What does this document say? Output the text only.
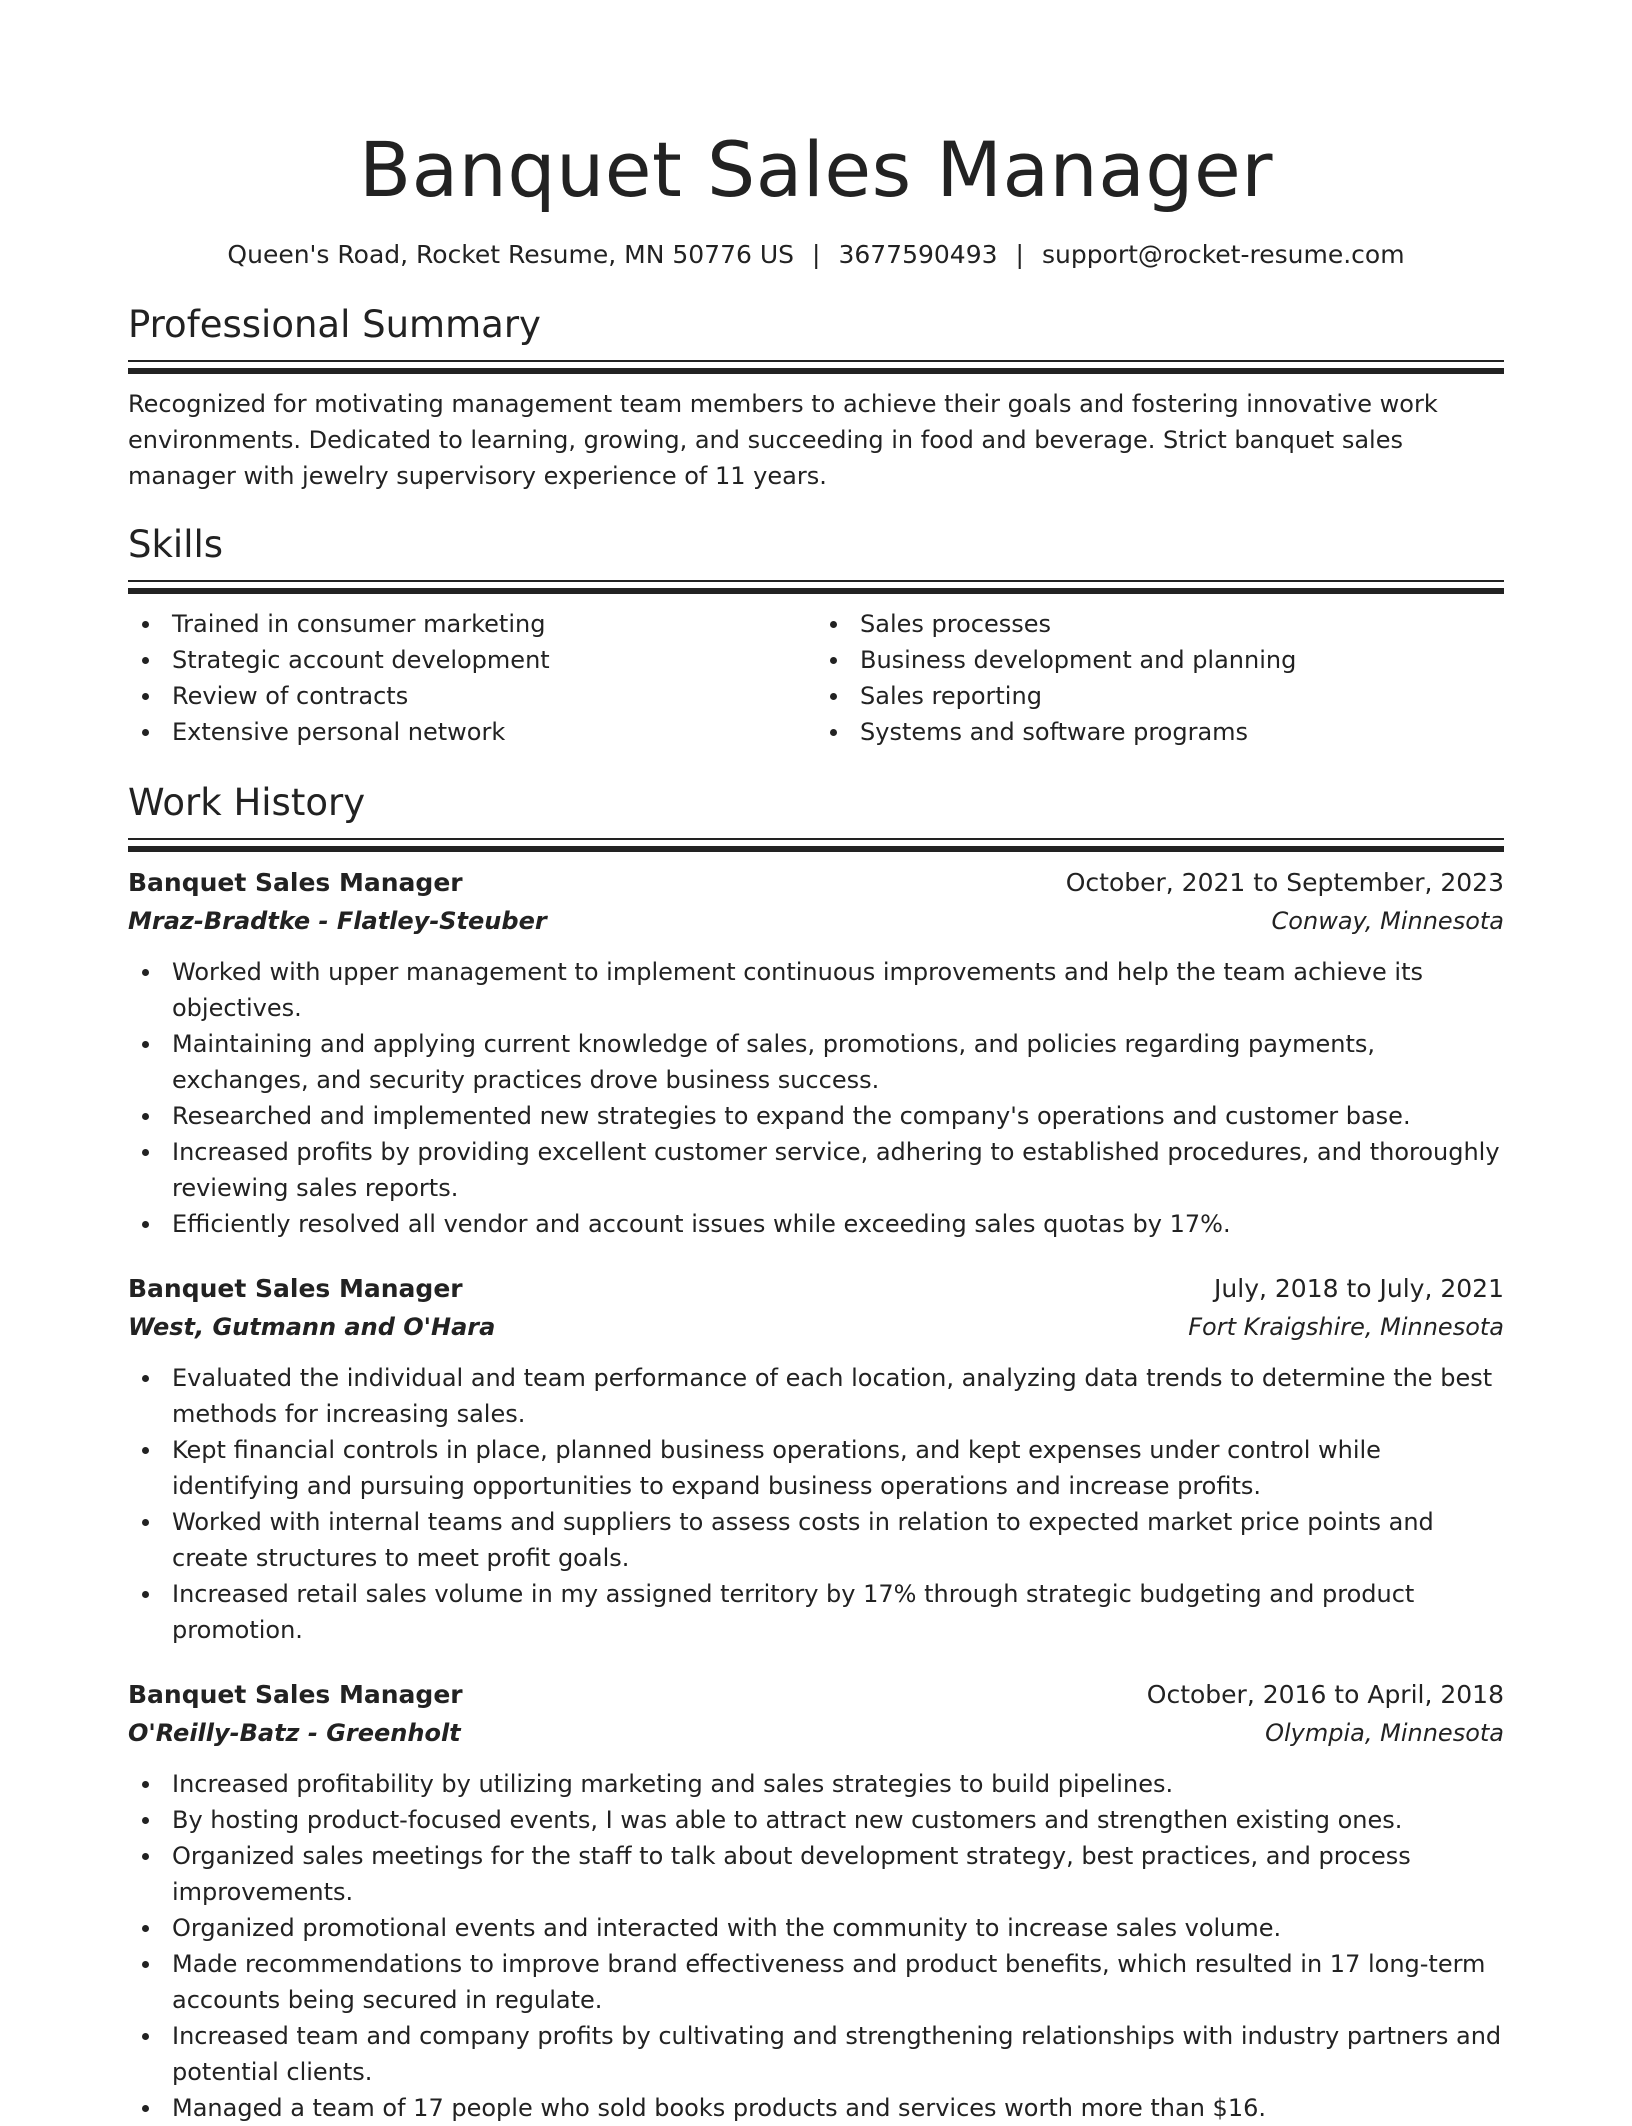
Banquet Sales Manager
Queen's Road, Rocket Resume, MN 50776 US | 3677590493 | support@rocket-resume.com
Professional Summary

Recognized for motivating management team members to achieve their goals and fostering innovative work environments. Dedicated to learning, growing, and succeeding in food and beverage. Strict banquet sales manager with jewelry supervisory experience of 11 years.

Skills
Trained in consumer marketing
Strategic account development
Review of contracts
Extensive personal network
Sales processes
Business development and planning
Sales reporting
Systems and software programs
Work History
Banquet Sales Manager	October, 2021 to September, 2023
Mraz-Bradtke - Flatley-Steuber	Conway, Minnesota
Worked with upper management to implement continuous improvements and help the team achieve its objectives.
Maintaining and applying current knowledge of sales, promotions, and policies regarding payments, exchanges, and security practices drove business success.
Researched and implemented new strategies to expand the company's operations and customer base.
Increased profits by providing excellent customer service, adhering to established procedures, and thoroughly reviewing sales reports.
Efficiently resolved all vendor and account issues while exceeding sales quotas by 17%.
Banquet Sales Manager	July, 2018 to July, 2021
West, Gutmann and O'Hara	Fort Kraigshire, Minnesota
Evaluated the individual and team performance of each location, analyzing data trends to determine the best methods for increasing sales.
Kept financial controls in place, planned business operations, and kept expenses under control while identifying and pursuing opportunities to expand business operations and increase profits.
Worked with internal teams and suppliers to assess costs in relation to expected market price points and create structures to meet profit goals.
Increased retail sales volume in my assigned territory by 17% through strategic budgeting and product promotion.
Banquet Sales Manager	October, 2016 to April, 2018
O'Reilly-Batz - Greenholt	Olympia, Minnesota
Increased profitability by utilizing marketing and sales strategies to build pipelines.
By hosting product-focused events, I was able to attract new customers and strengthen existing ones.
Organized sales meetings for the staff to talk about development strategy, best practices, and process improvements.
Organized promotional events and interacted with the community to increase sales volume.
Made recommendations to improve brand effectiveness and product benefits, which resulted in 17 long-term accounts being secured in regulate.
Increased team and company profits by cultivating and strengthening relationships with industry partners and potential clients.
Managed a team of 17 people who sold books products and services worth more than $16.
